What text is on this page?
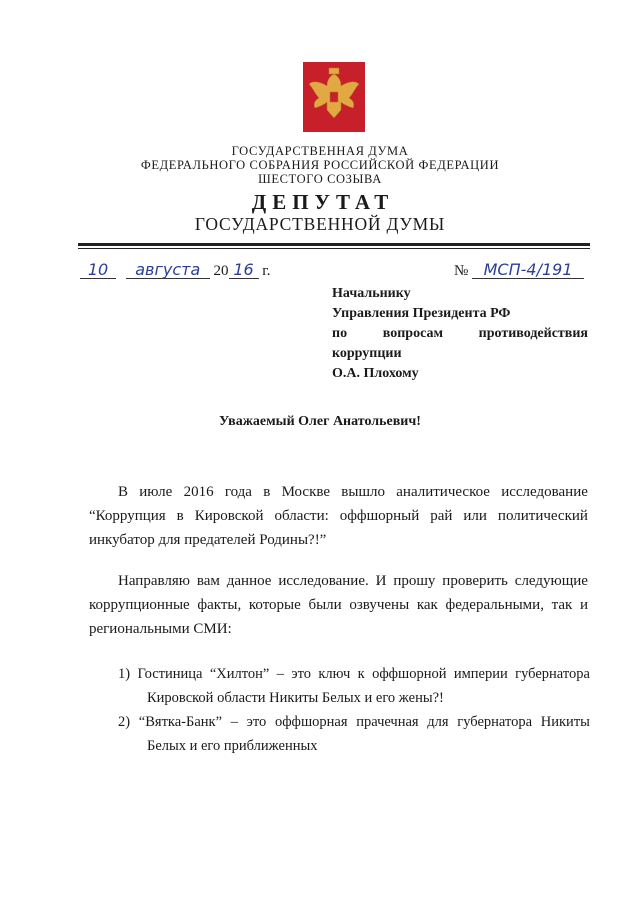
ГОСУДАРСТВЕННАЯ ДУМА
ФЕДЕРАЛЬНОГО СОБРАНИЯ РОССИЙСКОЙ ФЕДЕРАЦИИ
ШЕСТОГО СОЗЫВА
ДЕПУТАТ
ГОСУДАРСТВЕННОЙ ДУМЫ
10 августа 20 16 г.	№ МСП-4/191
Начальнику
Управления Президента РФ
по	вопросам	противодействия
коррупции
О.А. Плохому
Уважаемый Олег Анатольевич!
В июле 2016 года в Москве вышло аналитическое исследование
“Коррупция в Кировской области: оффшорный рай или политический
инкубатор для предателей Родины?!”
Направляю вам данное исследование. И прошу проверить следующие
коррупционные факты, которые были озвучены как федеральными, так и
региональными СМИ:
1) Гостиница “Хилтон” – это ключ к оффшорной империи губернатора
Кировской области Никиты Белых и его жены?!
2) “Вятка-Банк” – это оффшорная прачечная для губернатора Никиты
Белых и его приближенных
